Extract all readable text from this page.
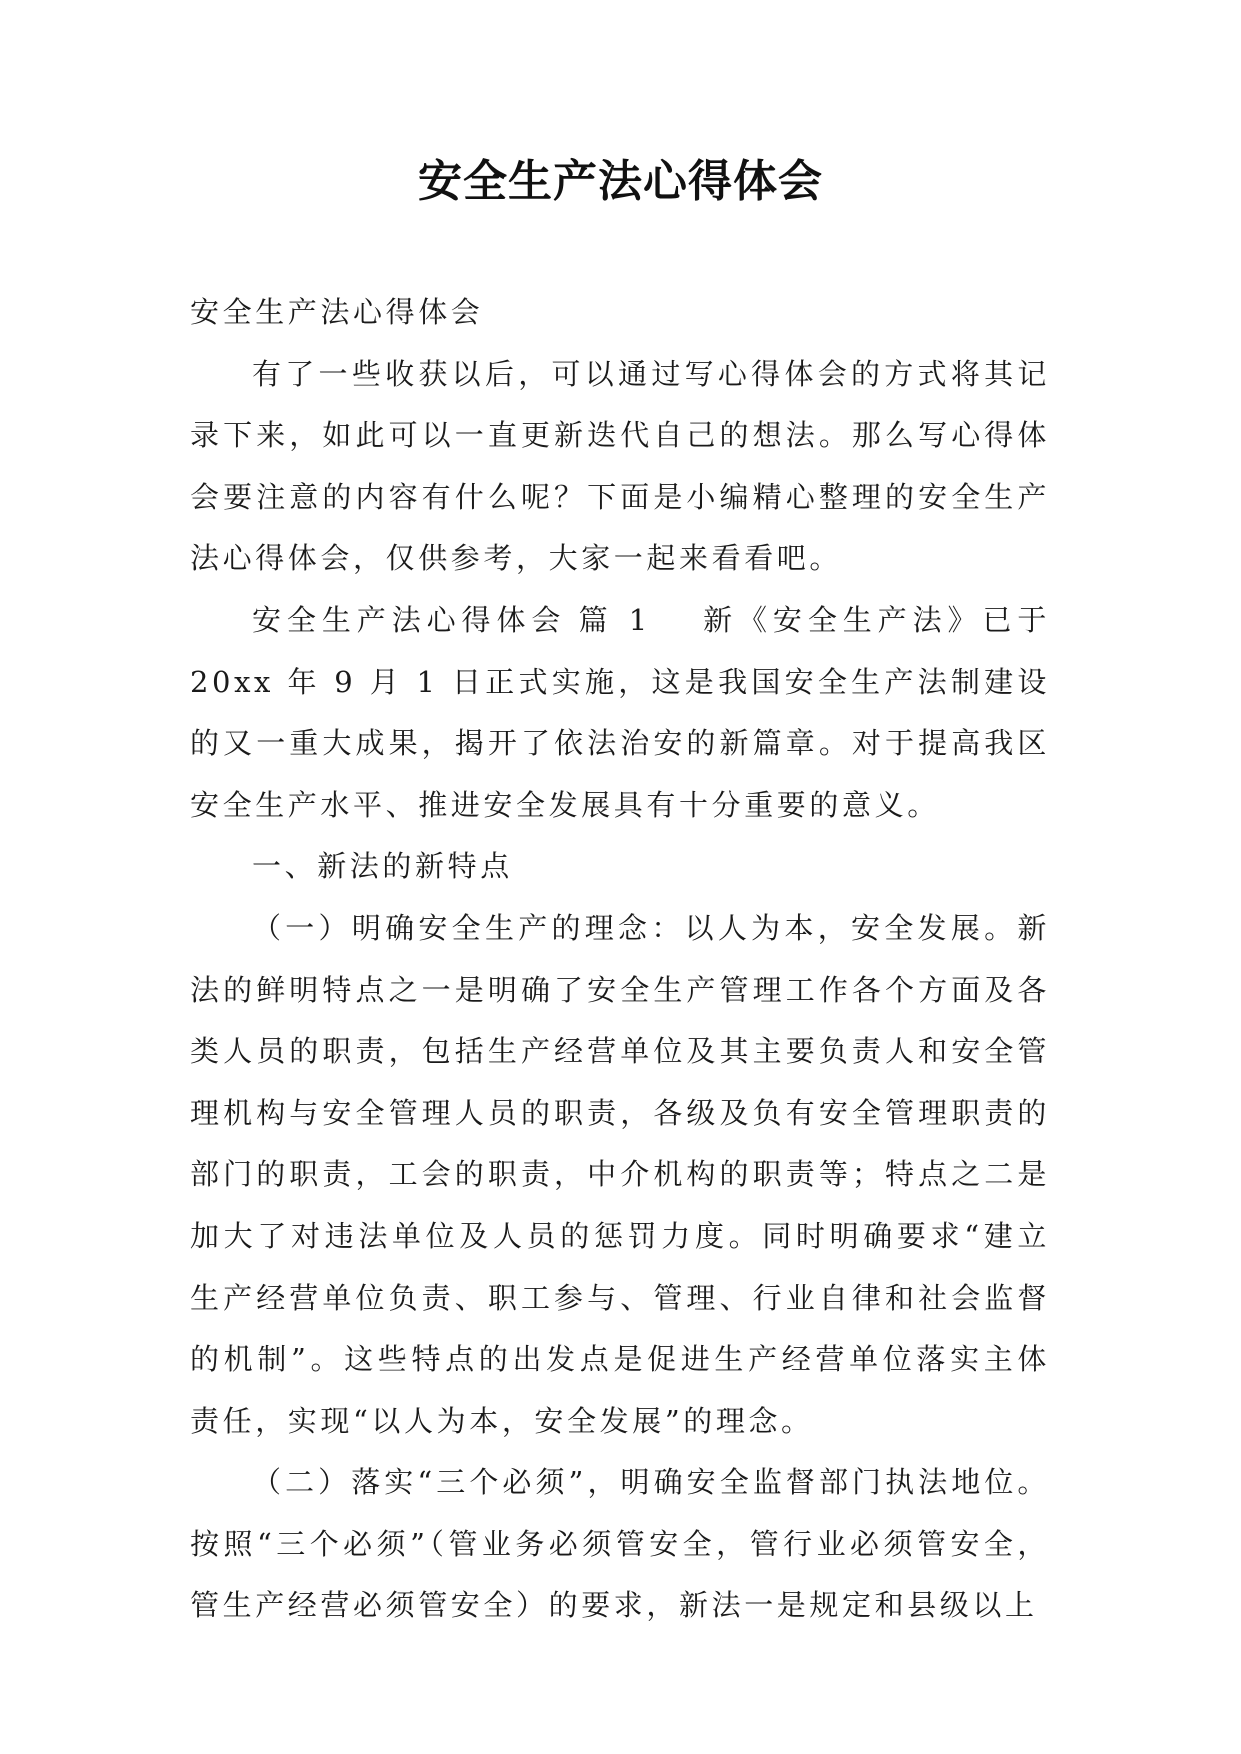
安全生产法心得体会

安全生产法心得体会

有了一些收获以后，可以通过写心得体会的方式将其记录下来，如此可以一直更新迭代自己的想法。那么写心得体会要注意的内容有什么呢？下面是小编精心整理的安全生产法心得体会，仅供参考，大家一起来看看吧。

安全生产法心得体会 篇 1 新《安全生产法》已于 20xx 年 9 月 1 日正式实施，这是我国安全生产法制建设的又一重大成果，揭开了依法治安的新篇章。对于提高我区安全生产水平、推进安全发展具有十分重要的意义。

一、新法的新特点

（一）明确安全生产的理念：以人为本，安全发展。新法的鲜明特点之一是明确了安全生产管理工作各个方面及各类人员的职责，包括生产经营单位及其主要负责人和安全管理机构与安全管理人员的职责，各级及负有安全管理职责的部门的职责，工会的职责，中介机构的职责等；特点之二是加大了对违法单位及人员的惩罚力度。同时明确要求“建立生产经营单位负责、职工参与、管理、行业自律和社会监督的机制”。这些特点的出发点是促进生产经营单位落实主体责任，实现“以人为本，安全发展”的理念。

（二）落实“三个必须”，明确安全监督部门执法地位。按照“三个必须”（管业务必须管安全，管行业必须管安全，管生产经营必须管安全）的要求，新法一是规定和县级以上
